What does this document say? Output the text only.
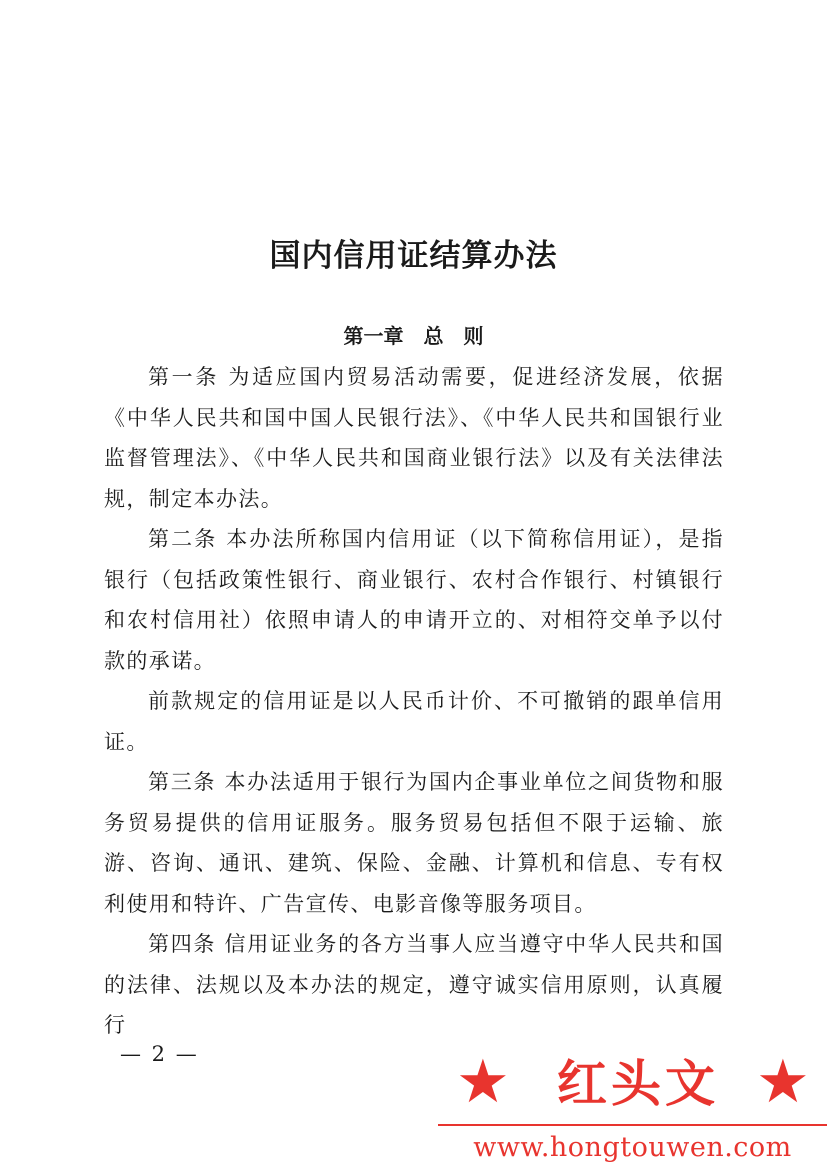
国内信用证结算办法
第一章　总　则

第一条 为适应国内贸易活动需要，促进经济发展，依据《中华人民共和国中国人民银行法》、《中华人民共和国银行业监督管理法》、《中华人民共和国商业银行法》以及有关法律法规，制定本办法。

第二条 本办法所称国内信用证（以下简称信用证），是指银行（包括政策性银行、商业银行、农村合作银行、村镇银行和农村信用社）依照申请人的申请开立的、对相符交单予以付款的承诺。

前款规定的信用证是以人民币计价、不可撤销的跟单信用证。

第三条 本办法适用于银行为国内企事业单位之间货物和服务贸易提供的信用证服务。服务贸易包括但不限于运输、旅游、咨询、通讯、建筑、保险、金融、计算机和信息、专有权利使用和特许、广告宣传、电影音像等服务项目。

第四条 信用证业务的各方当事人应当遵守中华人民共和国的法律、法规以及本办法的规定，遵守诚实信用原则，认真履行

— 2 —	★ 红头文 ★
www.hongtouwen.com
